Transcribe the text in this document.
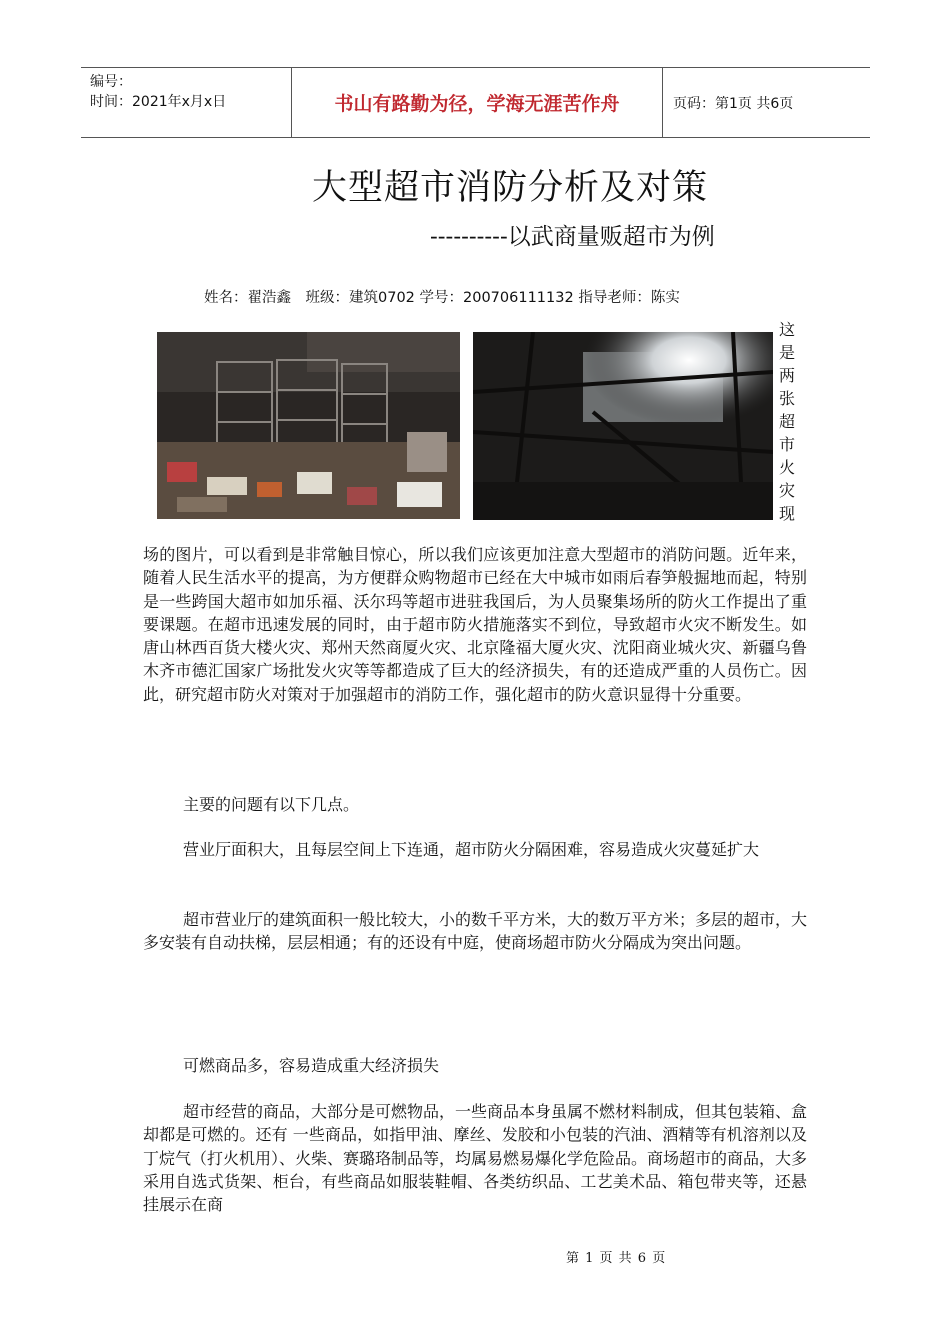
编号：
时间：2021年x月x日	书山有路勤为径，学海无涯苦作舟	页码：第1页 共6页
大型超市消防分析及对策
----------以武商量贩超市为例
姓名：翟浩鑫　班级：建筑0702 学号：200706111132 指导老师：陈实
这是两张超市火灾现
场的图片，可以看到是非常触目惊心，所以我们应该更加注意大型超市的消防问题。近年来，随着人民生活水平的提高，为方便群众购物超市已经在大中城市如雨后春笋般掘地而起，特别是一些跨国大超市如加乐福、沃尔玛等超市进驻我国后，为人员聚集场所的防火工作提出了重要课题。在超市迅速发展的同时，由于超市防火措施落实不到位，导致超市火灾不断发生。如唐山林西百货大楼火灾、郑州天然商厦火灾、北京隆福大厦火灾、沈阳商业城火灾、新疆乌鲁木齐市德汇国家广场批发火灾等等都造成了巨大的经济损失，有的还造成严重的人员伤亡。因此，研究超市防火对策对于加强超市的消防工作，强化超市的防火意识显得十分重要。
主要的问题有以下几点。
营业厅面积大，且每层空间上下连通，超市防火分隔困难，容易造成火灾蔓延扩大
超市营业厅的建筑面积一般比较大，小的数千平方米，大的数万平方米；多层的超市，大多安装有自动扶梯，层层相通；有的还设有中庭，使商场超市防火分隔成为突出问题。
可燃商品多，容易造成重大经济损失
超市经营的商品，大部分是可燃物品，一些商品本身虽属不燃材料制成，但其包装箱、盒却都是可燃的。还有 一些商品，如指甲油、摩丝、发胶和小包装的汽油、酒精等有机溶剂以及丁烷气（打火机用）、火柴、赛璐珞制品等，均属易燃易爆化学危险品。商场超市的商品，大多采用自选式货架、柜台，有些商品如服装鞋帽、各类纺织品、工艺美术品、箱包带夹等，还悬挂展示在商
第 1 页 共 6 页
